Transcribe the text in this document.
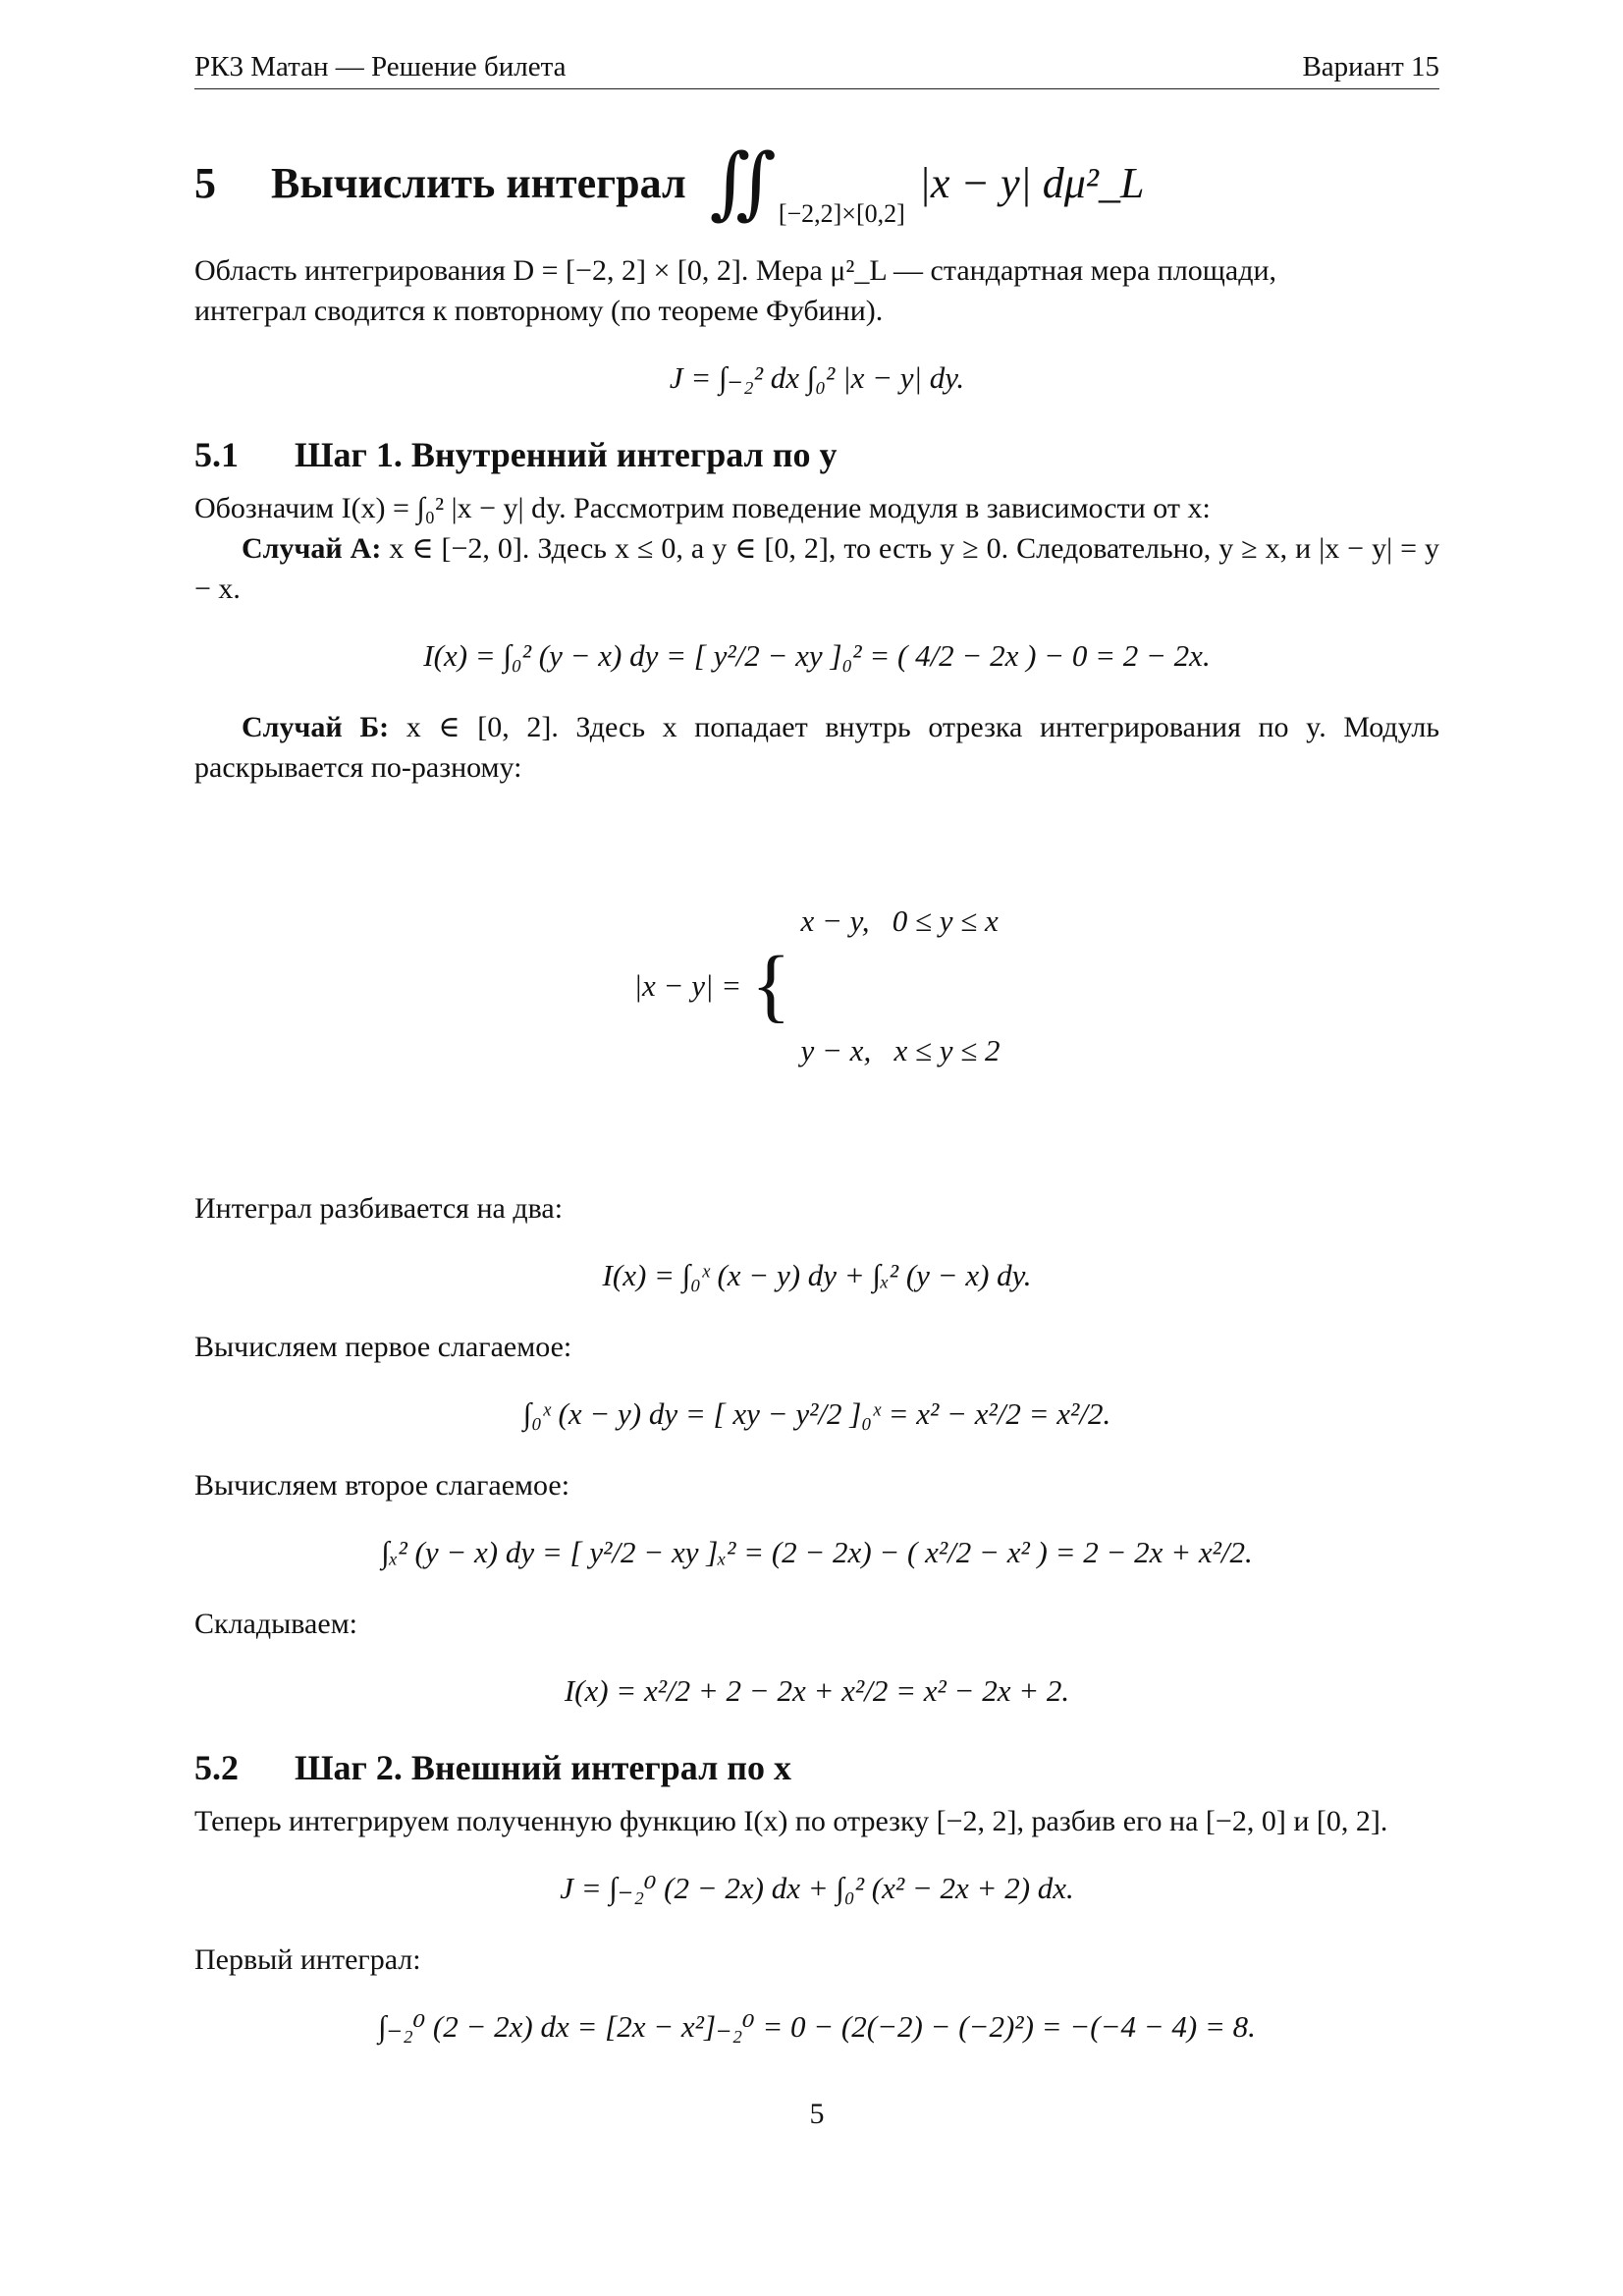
РК3 Матан — Решение билета	Вариант 15
5	Вычислить интеграл ∬ [−2,2]×[0,2]
|x − y| dμ²_L
Область интегрирования D = [−2, 2] × [0, 2]. Мера μ²_L — стандартная мера площади,
интеграл сводится к повторному (по теореме Фубини).
J = ∫₋₂² dx ∫₀² |x − y| dy.
5.1 Шаг 1. Внутренний интеграл по y
Обозначим I(x) = ∫₀² |x − y| dy. Рассмотрим поведение модуля в зависимости от x:
Случай А: x ∈ [−2, 0]. Здесь x ≤ 0, а y ∈ [0, 2], то есть y ≥ 0. Следовательно, y ≥ x, и |x − y| = y − x.
I(x) = ∫₀² (y − x) dy = [ y²/2 − xy ]₀² = ( 4/2 − 2x ) − 0 = 2 − 2x.
Случай Б: x ∈ [0, 2]. Здесь x попадает внутрь отрезка интегрирования по y. Модуль раскрывается по-разному:
|x − y| = {

x − y,   0 ≤ y ≤ x

y − x,   x ≤ y ≤ 2

Интеграл разбивается на два:
I(x) = ∫₀ˣ (x − y) dy + ∫ₓ² (y − x) dy.
Вычисляем первое слагаемое:
∫₀ˣ (x − y) dy = [ xy − y²/2 ]₀ˣ = x² − x²/2 = x²/2.
Вычисляем второе слагаемое:
∫ₓ² (y − x) dy = [ y²/2 − xy ]ₓ² = (2 − 2x) − ( x²/2 − x² ) = 2 − 2x + x²/2.
Складываем:
I(x) = x²/2 + 2 − 2x + x²/2 = x² − 2x + 2.
5.2 Шаг 2. Внешний интеграл по x
Теперь интегрируем полученную функцию I(x) по отрезку [−2, 2], разбив его на [−2, 0] и [0, 2].
J = ∫₋₂⁰ (2 − 2x) dx + ∫₀² (x² − 2x + 2) dx.
Первый интеграл:
∫₋₂⁰ (2 − 2x) dx = [2x − x²]₋₂⁰ = 0 − (2(−2) − (−2)²) = −(−4 − 4) = 8.
5
